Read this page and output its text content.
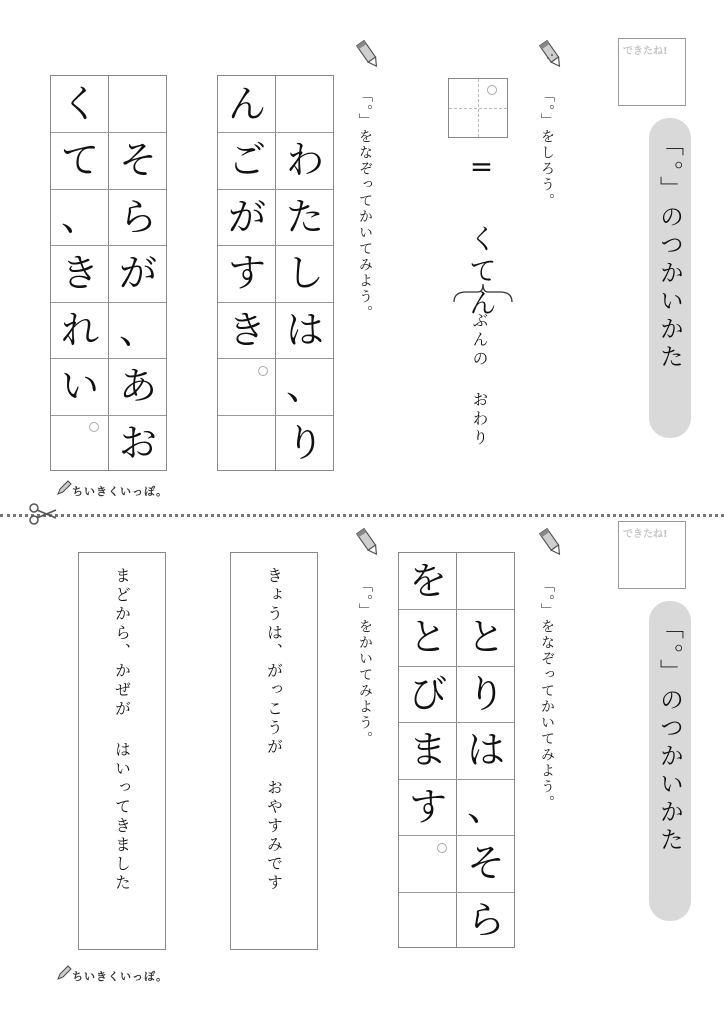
できたね!
「。」のつかいかた
「。」をしろう。
= くてん
ぶんの おわり
「。」をなぞってかいてみよう。
わ
た
し
は
、
り
ん
ご
が
す
き
そ
ら
が
、
あ
お
く
て
、
き
れ
い
ちいきくいっぽ。
できたね!
「。」のつかいかた
「。」をなぞってかいてみよう。
と
り
は
、
そ
ら
を
と
び
ま
す
「。」をかいてみよう。
きょうは、がっこうが おやすみです
まどから、かぜが はいってきました
ちいきくいっぽ。
